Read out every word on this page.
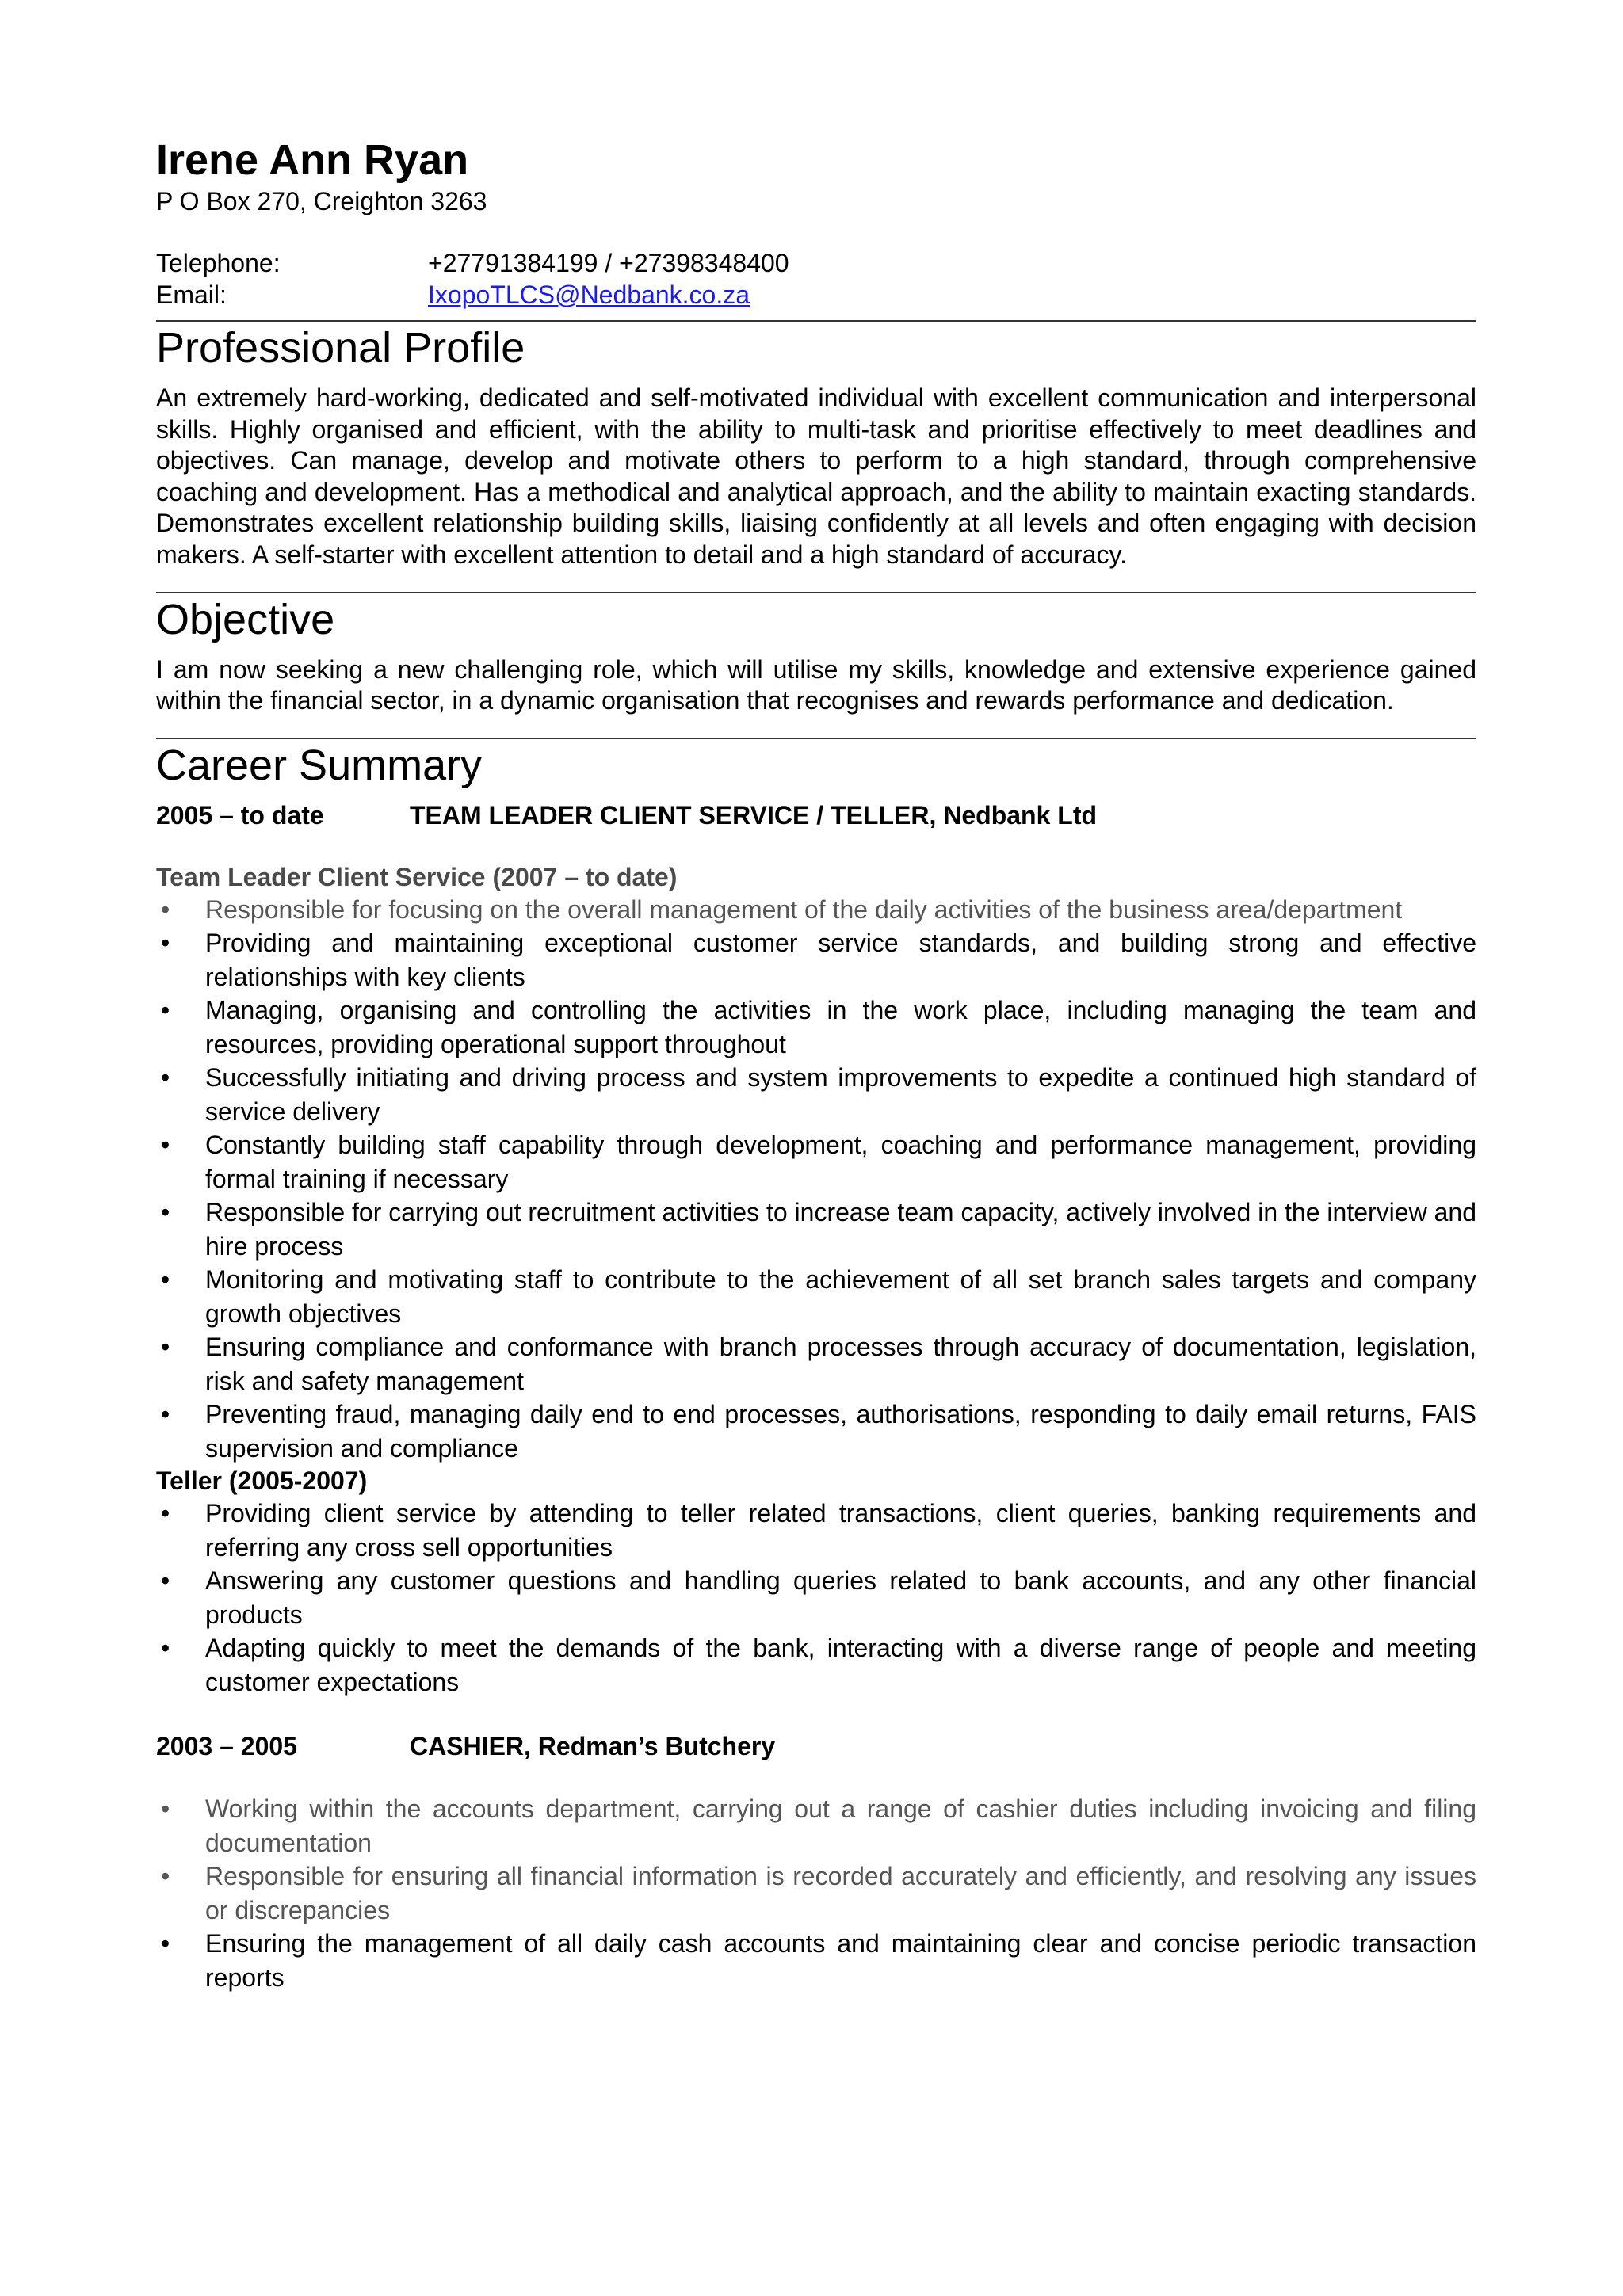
Irene Ann Ryan

P O Box 270, Creighton 3263

Telephone:	+27791384199 / +27398348400
Email:	IxopoTLCS@Nedbank.co.za
Professional Profile

An extremely hard-working, dedicated and self-motivated individual with excellent communication and interpersonal skills. Highly organised and efficient, with the ability to multi-task and prioritise effectively to meet deadlines and objectives. Can manage, develop and motivate others to perform to a high standard, through comprehensive coaching and development. Has a methodical and analytical approach, and the ability to maintain exacting standards. Demonstrates excellent relationship building skills, liaising confidently at all levels and often engaging with decision makers. A self-starter with excellent attention to detail and a high standard of accuracy.

Objective

I am now seeking a new challenging role, which will utilise my skills, knowledge and extensive experience gained within the financial sector, in a dynamic organisation that recognises and rewards performance and dedication.

Career Summary
2005 – to date	TEAM LEADER CLIENT SERVICE / TELLER, Nedbank Ltd

Team Leader Client Service (2007 – to date)

• Responsible for focusing on the overall management of the daily activities of the business area/department
• Providing and maintaining exceptional customer service standards, and building strong and effective relationships with key clients
• Managing, organising and controlling the activities in the work place, including managing the team and resources, providing operational support throughout
• Successfully initiating and driving process and system improvements to expedite a continued high standard of service delivery
• Constantly building staff capability through development, coaching and performance management, providing formal training if necessary
• Responsible for carrying out recruitment activities to increase team capacity, actively involved in the interview and hire process
• Monitoring and motivating staff to contribute to the achievement of all set branch sales targets and company growth objectives
• Ensuring compliance and conformance with branch processes through accuracy of documentation, legislation, risk and safety management
• Preventing fraud, managing daily end to end processes, authorisations, responding to daily email returns, FAIS supervision and compliance

Teller (2005-2007)

• Providing client service by attending to teller related transactions, client queries, banking requirements and referring any cross sell opportunities
• Answering any customer questions and handling queries related to bank accounts, and any other financial products
• Adapting quickly to meet the demands of the bank, interacting with a diverse range of people and meeting customer expectations
2003 – 2005	CASHIER, Redman’s Butchery
• Working within the accounts department, carrying out a range of cashier duties including invoicing and filing documentation
• Responsible for ensuring all financial information is recorded accurately and efficiently, and resolving any issues or discrepancies
• Ensuring the management of all daily cash accounts and maintaining clear and concise periodic transaction reports
